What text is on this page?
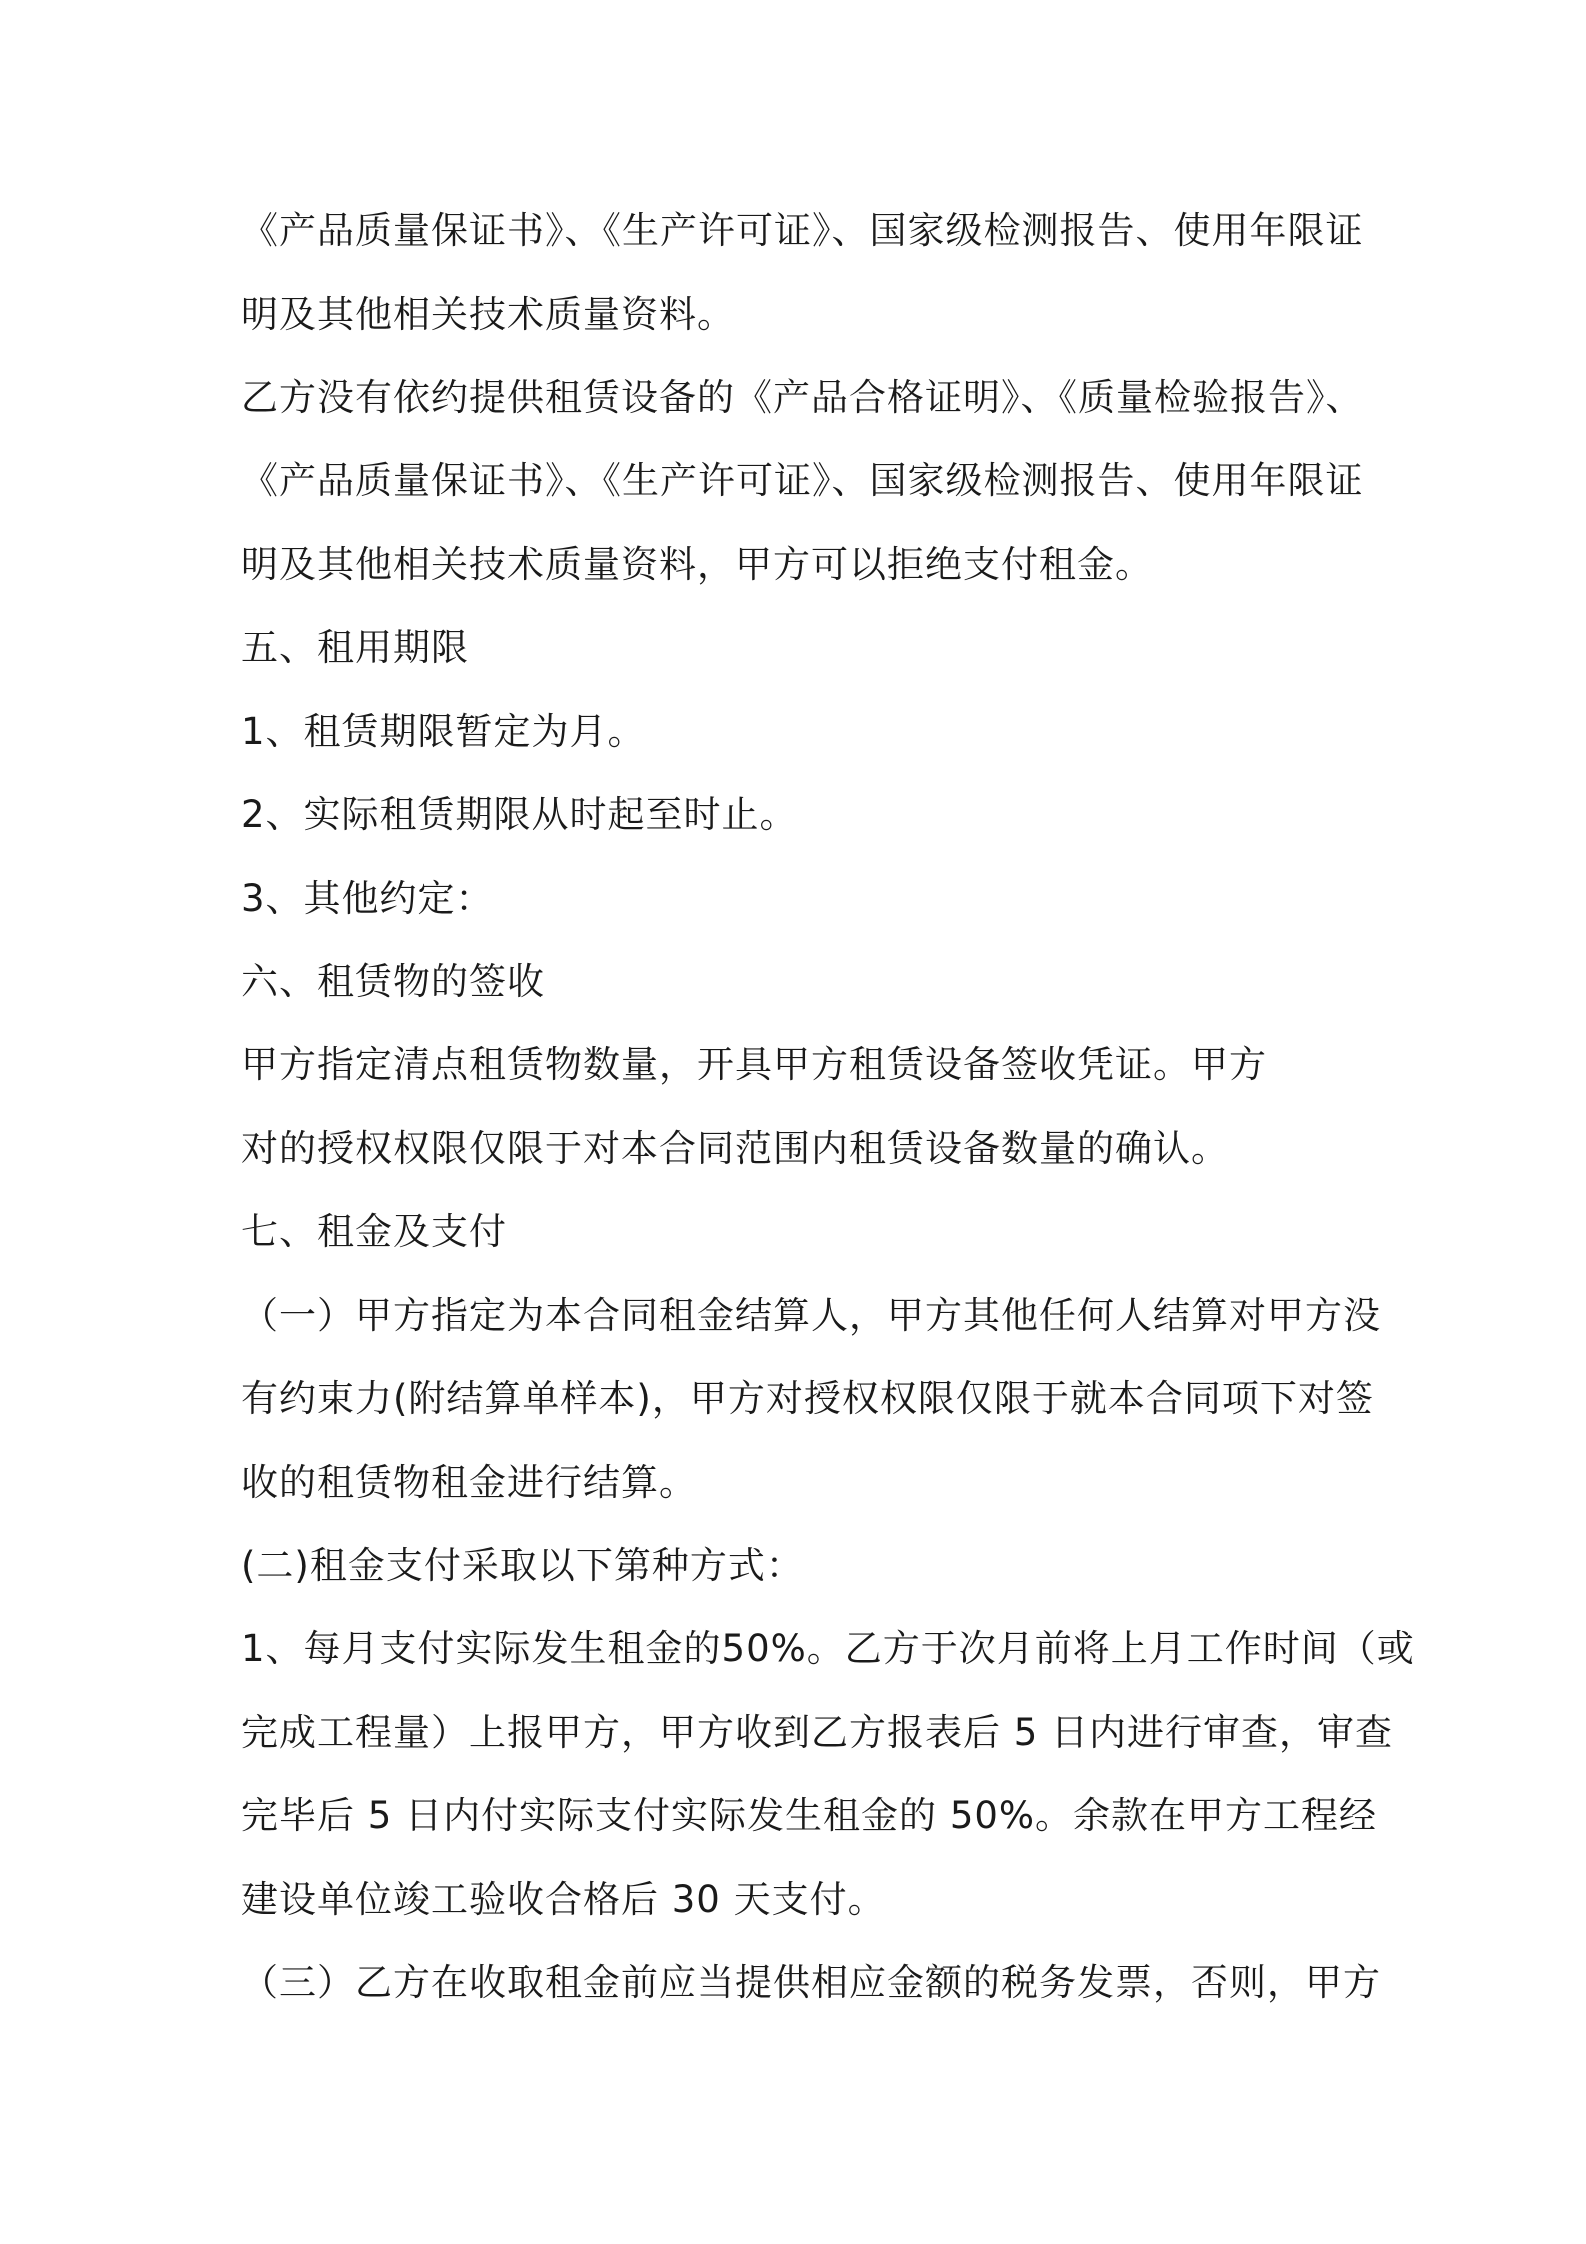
《产品质量保证书》、《生产许可证》、国家级检测报告、使用年限证
明及其他相关技术质量资料。
乙方没有依约提供租赁设备的《产品合格证明》、《质量检验报告》、
《产品质量保证书》、《生产许可证》、国家级检测报告、使用年限证
明及其他相关技术质量资料，甲方可以拒绝支付租金。
五、租用期限
1、租赁期限暂定为月。
2、实际租赁期限从时起至时止。
3、其他约定：
六、租赁物的签收
甲方指定清点租赁物数量，开具甲方租赁设备签收凭证。甲方
对的授权权限仅限于对本合同范围内租赁设备数量的确认。
七、租金及支付
（一）甲方指定为本合同租金结算人，甲方其他任何人结算对甲方没
有约束力(附结算单样本)，甲方对授权权限仅限于就本合同项下对签
收的租赁物租金进行结算。
(二)租金支付采取以下第种方式：
1、每月支付实际发生租金的50%。乙方于次月前将上月工作时间（或
完成工程量）上报甲方，甲方收到乙方报表后 5 日内进行审查，审查
完毕后 5 日内付实际支付实际发生租金的 50%。余款在甲方工程经
建设单位竣工验收合格后 30 天支付。
（三）乙方在收取租金前应当提供相应金额的税务发票，否则，甲方
